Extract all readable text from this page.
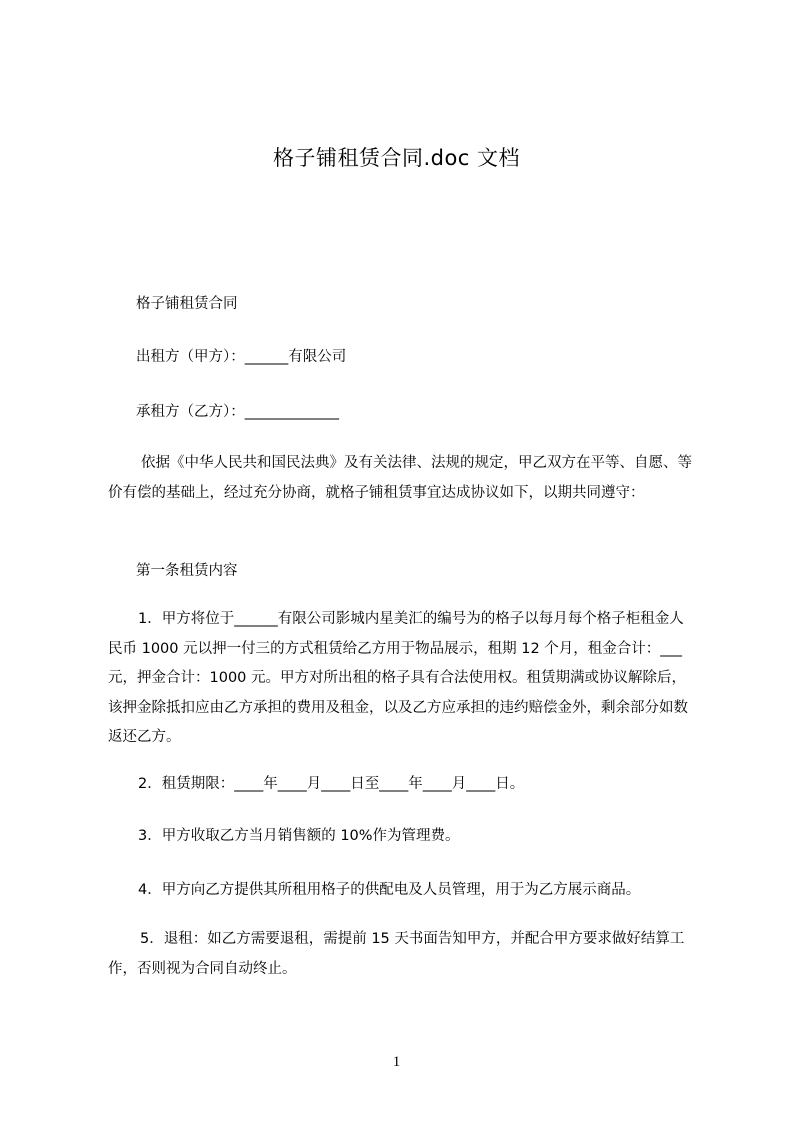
格子铺租赁合同.doc 文档
格子铺租赁合同
出租方（甲方）：______有限公司
承租方（乙方）：_____________
依据《中华人民共和国民法典》及有关法律、法规的规定，甲乙双方在平等、自愿、等价有偿的基础上，经过充分协商，就格子铺租赁事宜达成协议如下，以期共同遵守：
第一条租赁内容
1．甲方将位于______有限公司影城内星美汇的编号为的格子以每月每个格子柜租金人民币 1000 元以押一付三的方式租赁给乙方用于物品展示，租期 12 个月，租金合计：___元，押金合计：1000 元。甲方对所出租的格子具有合法使用权。租赁期满或协议解除后，该押金除抵扣应由乙方承担的费用及租金，以及乙方应承担的违约赔偿金外，剩余部分如数返还乙方。
2．租赁期限：____年____月____日至____年____月____日。
3．甲方收取乙方当月销售额的 10%作为管理费。
4．甲方向乙方提供其所租用格子的供配电及人员管理，用于为乙方展示商品。
5．退租：如乙方需要退租，需提前 15 天书面告知甲方，并配合甲方要求做好结算工作，否则视为合同自动终止。
1
